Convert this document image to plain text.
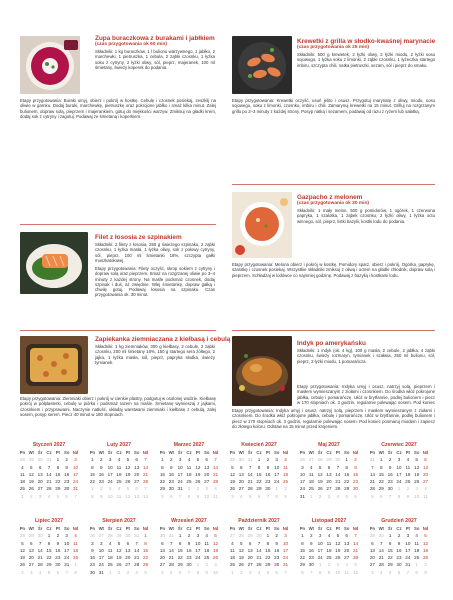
Zupa buraczkowa z burakami i jabłkiem
(czas przygotowania ok 60 min)
Składniki: 1 kg buraczków, 1 l bulionu warzywnego, 1 jabłko, 2 marchewki, 1 pietruszka, 1 cebula, 2 ząbki czosnku, 1 łyżka soku z cytryny, 2 łyżki oliwy, sól, pieprz, majeranek, 100 ml śmietany, świeży koperek do podania.
Etapy przygotowania: Buraki umyj, obierz i pokrój w kostkę. Cebulę i czosnek posiekaj, zeszklij na oliwie w garnku. Dodaj buraki, marchewkę, pietruszkę oraz pokrojone jabłko i smaż kilka minut. Zalej bulionem, dopraw solą, pieprzem i majerankiem, gotuj do miękkości warzyw. Zmiksuj na gładki krem, dodaj sok z cytryny i zagotuj. Podawaj ze śmietaną i koperkiem.
Filet z łososia ze szpinakiem
Składniki: 2 filety z łososia, 250 g świeżego szpinaku, 2 ząbki czosnku, 1 łyżka masła, 1 łyżka oliwy, sok z połowy cytryny, sól, pieprz, 100 ml śmietanki 18%, szczypta gałki muszkatołowej.
Etapy przygotowania: Filety oczyść, skrop sokiem z cytryny i dopraw solą oraz pieprzem. Smaż na rozgrzanej oliwie po 3–4 minuty z każdej strony. Na maśle podsmaż czosnek, dodaj szpinak i duś, aż zwiędnie. Wlej śmietankę, dopraw gałką i chwilę gotuj. Podawaj łososia na szpinaku. Czas przygotowania ok. 30 minut.
Zapiekanka ziemniaczana z kiełbasą i cebulą
Składniki: 1 kg ziemniaków, 300 g kiełbasy, 2 cebule, 2 ząbki czosnku, 200 ml śmietany 18%, 150 g startego sera żółtego, 2 jajka, 1 łyżka masła, sól, pieprz, papryka słodka, świeży tymianek.
Etapy przygotowania: Ziemniaki obierz i pokrój w cienkie plastry, podgotuj w osolonej wodzie. Kiełbasę pokrój w półplasterki, cebulę w piórka i podsmaż razem na maśle. Śmietanę wymieszaj z jajkami, czosnkiem i przyprawami. Naczynie natłuść, układaj warstwami ziemniaki i kiełbasę z cebulą, zalej sosem, posyp serem. Piecz 40 minut w 180 stopniach.
Krewetki z grilla w słodko-kwaśnej marynacie
(czas przygotowania ok 25 min)
Składniki: 500 g krewetek, 2 łyżki oliwy, 2 łyżki miodu, 2 łyżki sosu sojowego, 1 łyżka soku z limonki, 2 ząbki czosnku, 1 łyżeczka startego imbiru, szczypta chili, natka pietruszki, sezam, sól i pieprz do smaku.
Etapy przygotowania: Krewetki oczyść, usuń jelito i osusz. Przygotuj marynatę z oliwy, miodu, sosu sojowego, soku z limonki, czosnku, imbiru i chili. Zamarynuj krewetki na 15 minut. Grilluj na rozgrzanym grillu po 2–3 minuty z każdej strony. Posyp natką i sezamem, podawaj od razu z ryżem lub sałatką.
Gazpacho z melonem
(czas przygotowania ok 30 min)
Składniki: 1 mały melon, 500 g pomidorów, 1 ogórek, 1 czerwona papryka, 1 szalotka, 1 ząbek czosnku, 2 łyżki oliwy, 1 łyżka octu winnego, sól, pieprz, listki bazylii, kostki lodu do podania.
Etapy przygotowania: Melona obierz i pokrój w kostkę. Pomidory sparz, obierz i pokrój. Ogórka, paprykę, szalotkę i czosnek posiekaj. Wszystkie składniki zmiksuj z oliwą i octem na gładki chłodnik, dopraw solą i pieprzem. Schładzaj w lodówce co najmniej godzinę. Podawaj z bazylią i kostkami lodu.
Indyk po amerykańsku
Składniki: 1 indyk (ok. 4 kg), 100 g masła, 2 cebule, 2 jabłka, 4 ząbki czosnku, świeży rozmaryn, tymianek i szałwia, 250 ml bulionu, sól, pieprz, 2 łyżki miodu, 1 pomarańcza.
Etapy przygotowania: Indyka umyj i osusz, natrzyj solą, pieprzem i masłem wymieszanym z ziołami i czosnkiem. Do środka włóż pokrojone jabłka, cebulę i pomarańczę. Ułóż w brytfannie, podlej bulionem i piecz w 170 stopniach ok. 3 godzin, regularnie polewając sosem. Pod koniec
Etapy przygotowania: Indyka umyj i osusz, natrzyj solą, pieprzem i masłem wymieszanym z ziołami i czosnkiem. Do środka włóż pokrojone jabłka, cebulę i pomarańczę. Ułóż w brytfannie, podlej bulionem i piecz w 170 stopniach ok. 3 godzin, regularnie polewając sosem. Pod koniec posmaruj miodem i zapiecz do złotego koloru. Odstaw na 15 minut przed krojeniem.
Styczeń 2027
Pn Wt Śr Cz	Pt So Nd
28 29 30 31	1	2	3
4	5	6	7	8	9	10
11 12 13 14 15 16 17
18 19 20 21 22 23 24
25 26 27 28 29 30 31
1	2	3	4	5	6	7
Luty 2027
Pn Wt Śr Cz	Pt So Nd
1	2	3	4	5	6	7
8	9	10 11 12 13 14
15 16 17 18 19 20 21
22 23 24 25 26 27 28
1	2	3	4	5	6	7
8	9	10 11 12 13 14
Marzec 2027
Pn Wt Śr Cz	Pt So Nd
1	2	3	4	5	6	7
8	9	10 11 12 13 14
15 16 17 18 19 20 21
22 23 24 25 26 27 28
29 30 31	1	2	3	4
5	6	7	8	9	10 11
Kwiecień 2027
Pn Wt Śr Cz	Pt So Nd
29 30 31	1	2	3	4
5	6	7	8	9	10 11
12 13 14 15 16 17 18
19 20 21 22 23 24 25
26 27 28 29 30	1	2
3	4	5	6	7	8	9
Maj 2027
Pn Wt Śr Cz	Pt So Nd
26 27 28 29 30	1	2
3	4	5	6	7	8	9
10 11 12 13 14 15 16
17 18 19 20 21 22 23
24 25 26 27 28 29 30
31	1	2	3	4	5	6
Czerwiec 2027
Pn Wt Śr Cz	Pt So Nd
31	1	2	3	4	5	6
7	8	9	10 11 12 13
14 15 16 17 18 19 20
21 22 23 24 25 26 27
28 29 30	1	2	3	4
5	6	7	8	9	10 11
Lipiec 2027
Pn Wt Śr Cz	Pt So Nd
28 29 30	1	2	3	4
5	6	7	8	9	10 11
12 13 14 15 16 17 18
19 20 21 22 23 24 25
26 27 28 29 30 31	1
2	3	4	5	6	7	8
Sierpień 2027
Pn Wt Śr Cz	Pt So Nd
26 27 28 29 30 31	1
2	3	4	5	6	7	8
9	10 11 12 13 14 15
16 17 18 19 20 21 22
23 24 25 26 27 28 29
30 31	1	2	3	4	5
Wrzesień 2027
Pn Wt Śr Cz	Pt So Nd
30 31	1	2	3	4	5
6	7	8	9	10 11 12
13 14 15 16 17 18 19
20 21 22 23 24 25 26
27 28 29 30	1	2	3
4	5	6	7	8	9	10
Październik 2027
Pn Wt Śr Cz	Pt So Nd
27 28 29 30	1	2	3
4	5	6	7	8	9	10
11 12 13 14 15 16 17
18 19 20 21 22 23 24
25 26 27 28 29 30 31
1	2	3	4	5	6	7
Listopad 2027
Pn Wt Śr Cz	Pt So Nd
1	2	3	4	5	6	7
8	9	10 11 12 13 14
15 16 17 18 19 20 21
22 23 24 25 26 27 28
29 30	1	2	3	4	5
6	7	8	9	10 11 12
Grudzień 2027
Pn Wt Śr Cz	Pt So Nd
29 30	1	2	3	4	5
6	7	8	9	10 11 12
13 14 15 16 17 18 19
20 21 22 23 24 25 26
27 28 29 30 31	1	2
3	4	5	6	7	8	9
